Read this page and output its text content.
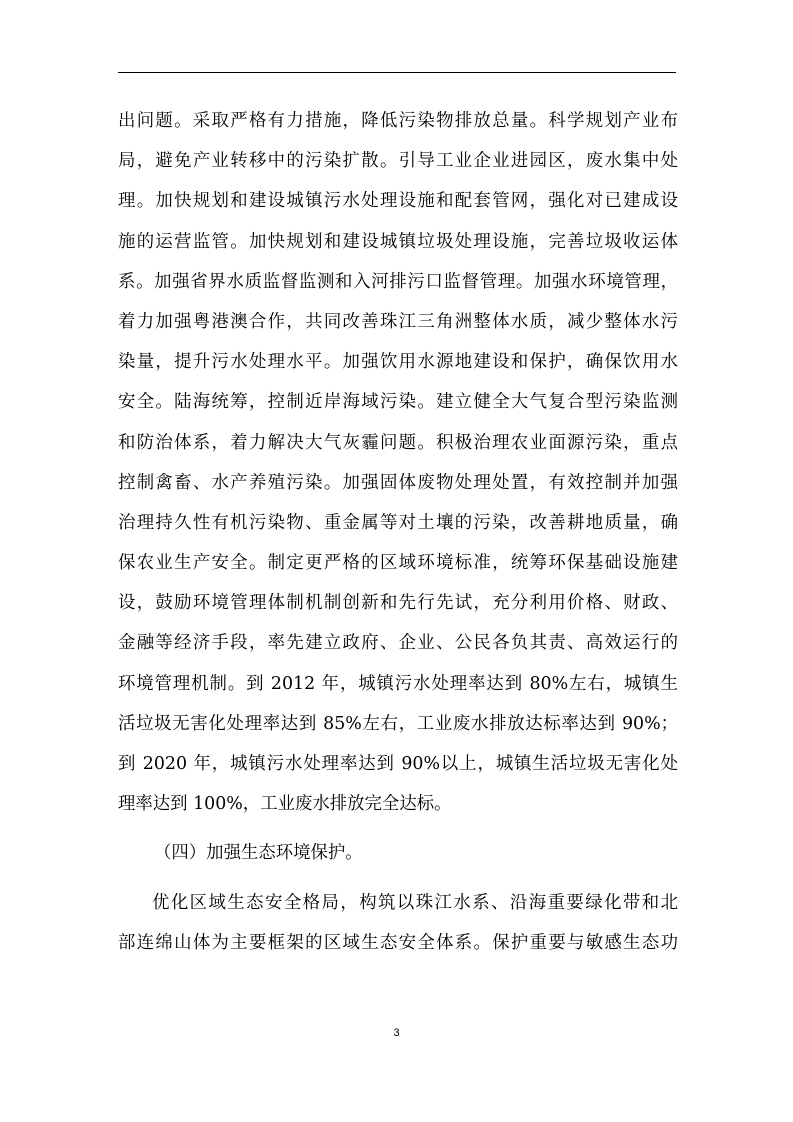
出问题。采取严格有力措施，降低污染物排放总量。科学规划产业布
局，避免产业转移中的污染扩散。引导工业企业进园区，废水集中处
理。加快规划和建设城镇污水处理设施和配套管网，强化对已建成设
施的运营监管。加快规划和建设城镇垃圾处理设施，完善垃圾收运体
系。加强省界水质监督监测和入河排污口监督管理。加强水环境管理，
着力加强粤港澳合作，共同改善珠江三角洲整体水质，减少整体水污
染量，提升污水处理水平。加强饮用水源地建设和保护，确保饮用水
安全。陆海统筹，控制近岸海域污染。建立健全大气复合型污染监测
和防治体系，着力解决大气灰霾问题。积极治理农业面源污染，重点
控制禽畜、水产养殖污染。加强固体废物处理处置，有效控制并加强
治理持久性有机污染物、重金属等对土壤的污染，改善耕地质量，确
保农业生产安全。制定更严格的区域环境标准，统筹环保基础设施建
设，鼓励环境管理体制机制创新和先行先试，充分利用价格、财政、
金融等经济手段，率先建立政府、企业、公民各负其责、高效运行的
环境管理机制。到 2012 年，城镇污水处理率达到 80%左右，城镇生
活垃圾无害化处理率达到 85%左右，工业废水排放达标率达到 90%；
到 2020 年，城镇污水处理率达到 90%以上，城镇生活垃圾无害化处
理率达到 100%，工业废水排放完全达标。
（四）加强生态环境保护。
优化区域生态安全格局，构筑以珠江水系、沿海重要绿化带和北
部连绵山体为主要框架的区域生态安全体系。保护重要与敏感生态功
3
